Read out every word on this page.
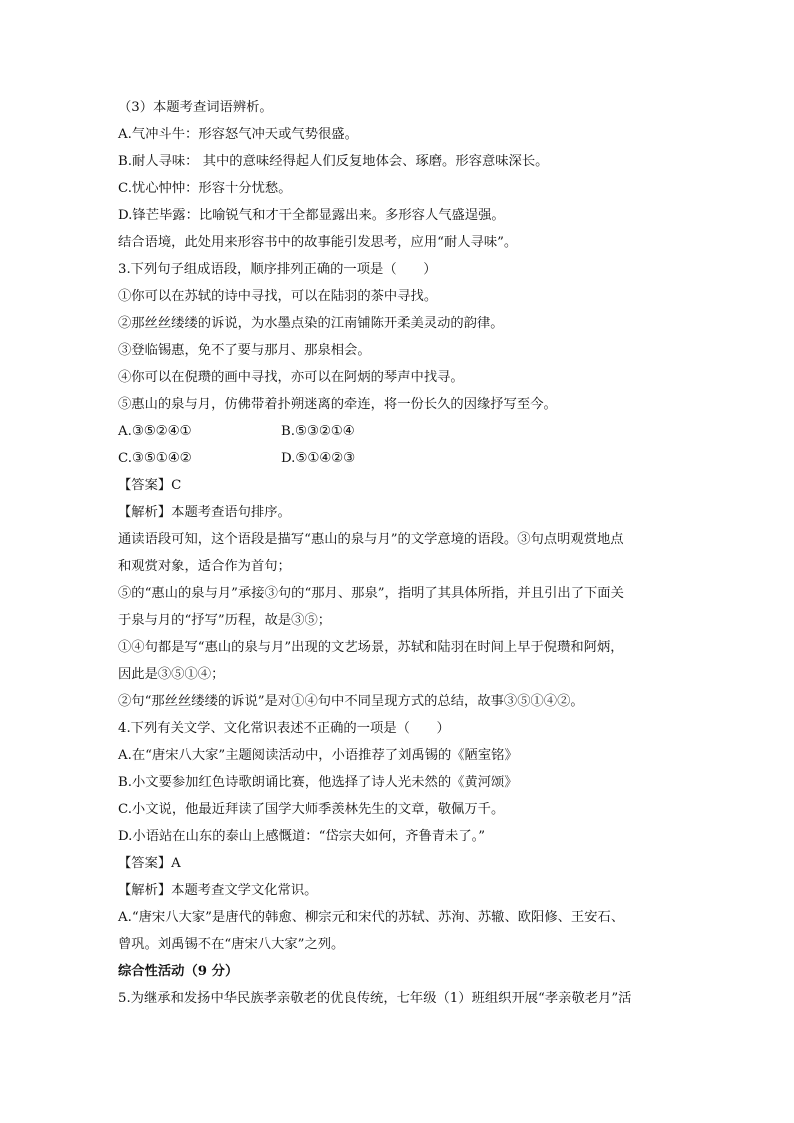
（3）本题考查词语辨析。
A.气冲斗牛：形容怒气冲天或气势很盛。
B.耐人寻味： 其中的意味经得起人们反复地体会、琢磨。形容意味深长。
C.忧心忡忡：形容十分忧愁。
D.锋芒毕露：比喻锐气和才干全都显露出来。多形容人气盛逞强。
结合语境，此处用来形容书中的故事能引发思考，应用“耐人寻味”。
3.下列句子组成语段，顺序排列正确的一项是（　　）
①你可以在苏轼的诗中寻找，可以在陆羽的茶中寻找。
②那丝丝缕缕的诉说，为水墨点染的江南铺陈开柔美灵动的韵律。
③登临锡惠，免不了要与那月、那泉相会。
④你可以在倪瓒的画中寻找，亦可以在阿炳的琴声中找寻。
⑤惠山的泉与月，仿佛带着扑朔迷离的牵连，将一份长久的因缘抒写至今。
A.③⑤②④①	B.⑤③②①④
C.③⑤①④②	D.⑤①④②③
【答案】C
【解析】本题考查语句排序。
通读语段可知，这个语段是描写“惠山的泉与月”的文学意境的语段。③句点明观赏地点
和观赏对象，适合作为首句；
⑤的“惠山的泉与月”承接③句的“那月、那泉”，指明了其具体所指，并且引出了下面关
于泉与月的“抒写”历程，故是③⑤；
①④句都是写“惠山的泉与月”出现的文艺场景，苏轼和陆羽在时间上早于倪瓒和阿炳，
因此是③⑤①④；
②句“那丝丝缕缕的诉说”是对①④句中不同呈现方式的总结，故事③⑤①④②。
4.下列有关文学、文化常识表述不正确的一项是（　　）
A.在“唐宋八大家”主题阅读活动中，小语推荐了刘禹锡的《陋室铭》
B.小文要参加红色诗歌朗诵比赛，他选择了诗人光未然的《黄河颂》
C.小文说，他最近拜读了国学大师季羡林先生的文章，敬佩万千。
D.小语站在山东的泰山上感慨道：“岱宗夫如何，齐鲁青未了。”
【答案】A
【解析】本题考查文学文化常识。
A.“唐宋八大家”是唐代的韩愈、柳宗元和宋代的苏轼、苏洵、苏辙、欧阳修、王安石、
曾巩。刘禹锡不在“唐宋八大家”之列。
综合性活动（9 分）
5.为继承和发扬中华民族孝亲敬老的优良传统，七年级（1）班组织开展“孝亲敬老月”活
